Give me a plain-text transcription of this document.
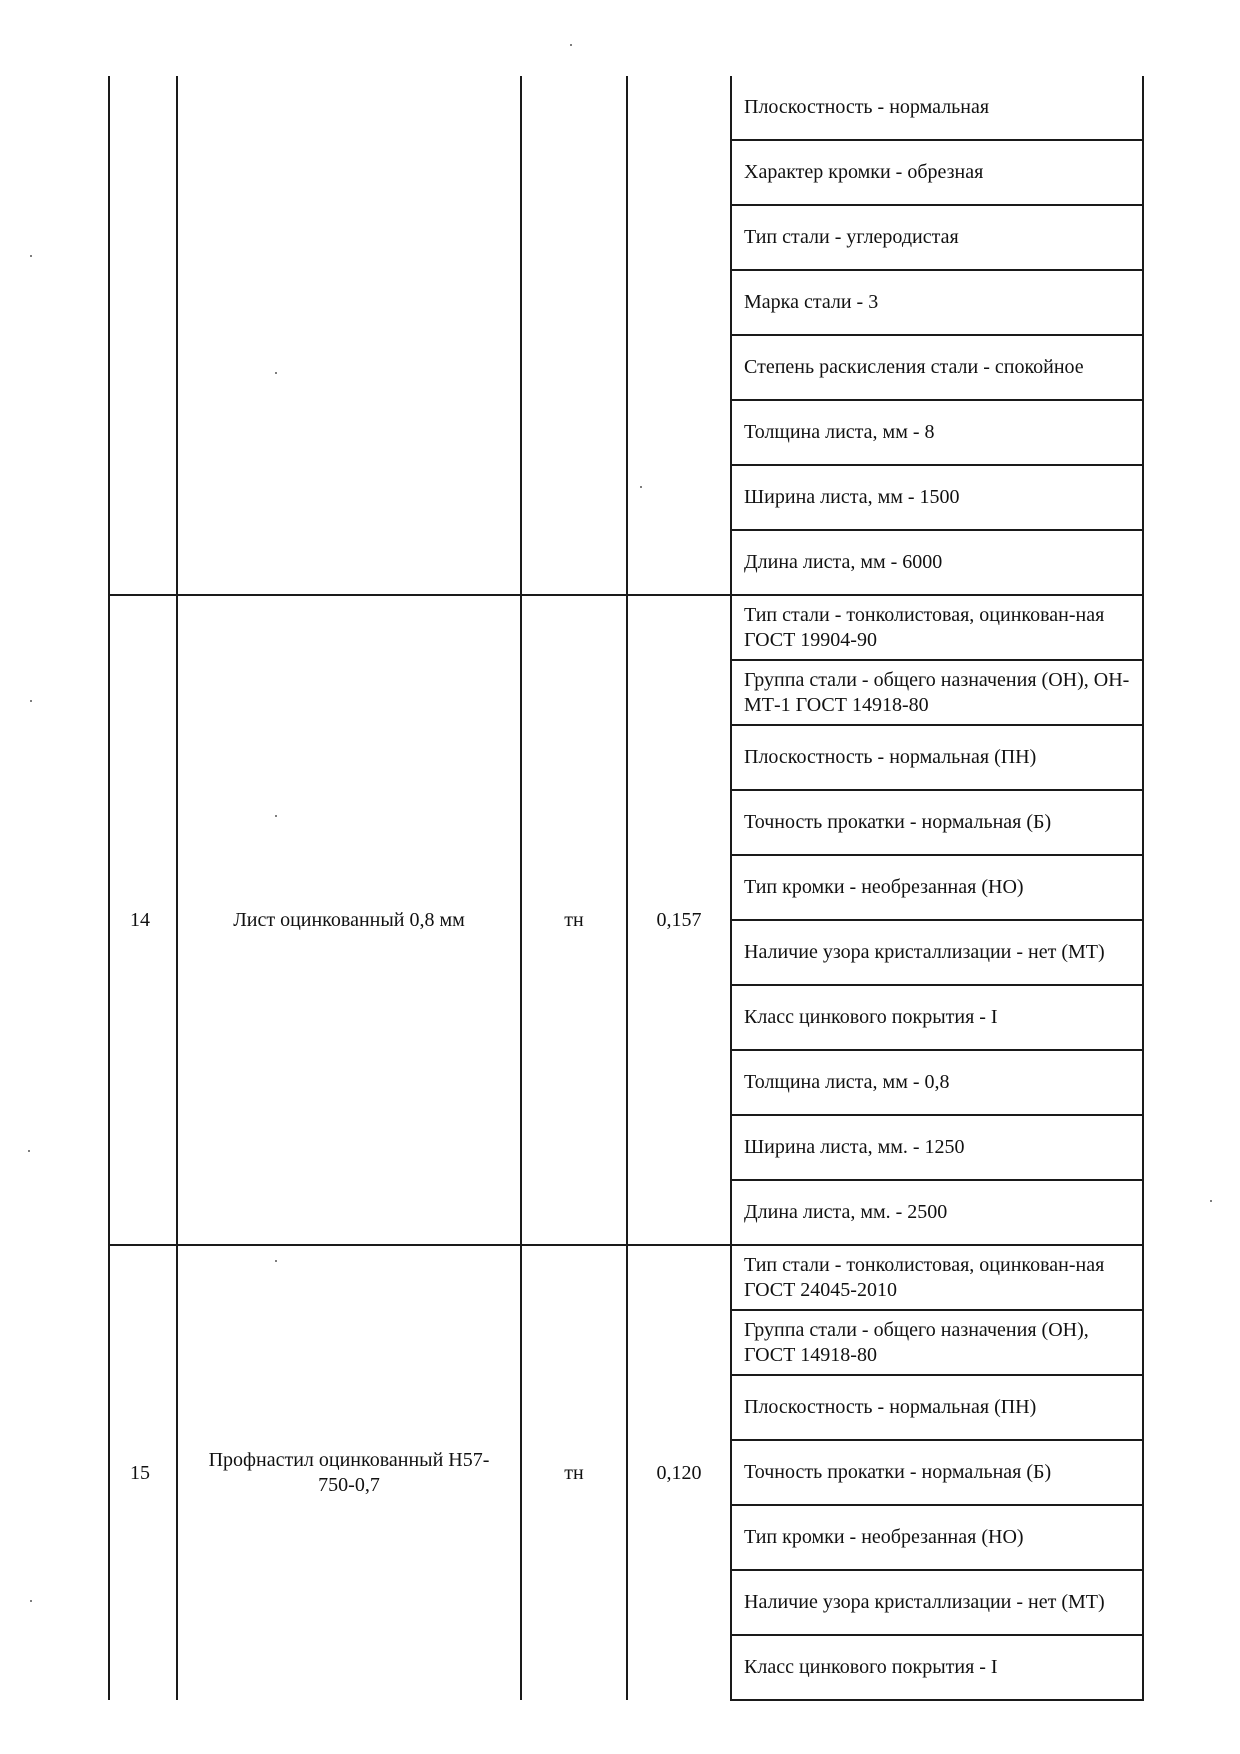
				Плоскостность - нормальная

				Характер кромки - обрезная

				Тип стали - углеродистая

				Марка стали - 3

				Степень раскисления стали - спокойное

				Толщина листа, мм - 8

				Ширина листа, мм - 1500

				Длина листа, мм - 6000

14	Лист оцинкованный 0,8 мм	тн	0,157	Тип стали - тонколистовая, оцинкован-ная ГОСТ 19904-90

				Группа стали - общего назначения (ОН), ОН-МТ-1 ГОСТ 14918-80

				Плоскостность - нормальная (ПН)

				Точность прокатки - нормальная (Б)

				Тип кромки - необрезанная (НО)

				Наличие узора кристаллизации - нет (МТ)

				Класс цинкового покрытия - I

				Толщина листа, мм - 0,8

				Ширина листа, мм. - 1250

				Длина листа, мм. - 2500

15	Профнастил оцинкованный Н57-750-0,7	тн	0,120	Тип стали - тонколистовая, оцинкован-ная ГОСТ 24045-2010

				Группа стали - общего назначения (ОН), ГОСТ 14918-80

				Плоскостность - нормальная (ПН)

				Точность прокатки - нормальная (Б)

				Тип кромки - необрезанная (НО)

				Наличие узора кристаллизации - нет (МТ)

				Класс цинкового покрытия - I
